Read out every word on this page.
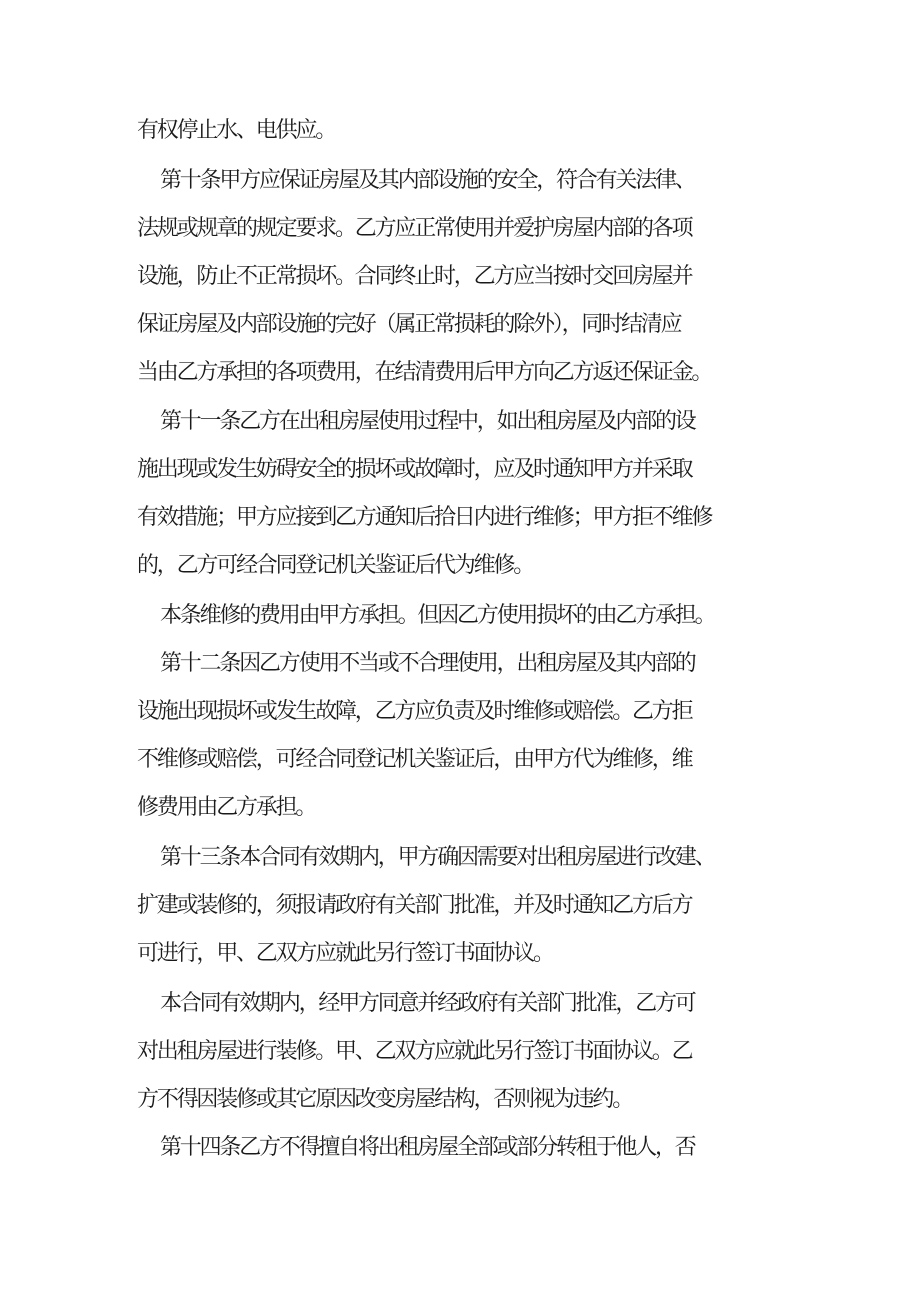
有权停止水、电供应。
第十条甲方应保证房屋及其内部设施的安全，符合有关法律、
法规或规章的规定要求。乙方应正常使用并爱护房屋内部的各项
设施，防止不正常损坏。合同终止时，乙方应当按时交回房屋并
保证房屋及内部设施的完好（属正常损耗的除外），同时结清应
当由乙方承担的各项费用，在结清费用后甲方向乙方返还保证金。
第十一条乙方在出租房屋使用过程中，如出租房屋及内部的设
施出现或发生妨碍安全的损坏或故障时，应及时通知甲方并采取
有效措施；甲方应接到乙方通知后拾日内进行维修；甲方拒不维修
的，乙方可经合同登记机关鉴证后代为维修。
本条维修的费用由甲方承担。但因乙方使用损坏的由乙方承担。
第十二条因乙方使用不当或不合理使用，出租房屋及其内部的
设施出现损坏或发生故障，乙方应负责及时维修或赔偿。乙方拒
不维修或赔偿，可经合同登记机关鉴证后，由甲方代为维修，维
修费用由乙方承担。
第十三条本合同有效期内，甲方确因需要对出租房屋进行改建、
扩建或装修的，须报请政府有关部门批准，并及时通知乙方后方
可进行，甲、乙双方应就此另行签订书面协议。
本合同有效期内，经甲方同意并经政府有关部门批准，乙方可
对出租房屋进行装修。甲、乙双方应就此另行签订书面协议。乙
方不得因装修或其它原因改变房屋结构，否则视为违约。
第十四条乙方不得擅自将出租房屋全部或部分转租于他人，否
